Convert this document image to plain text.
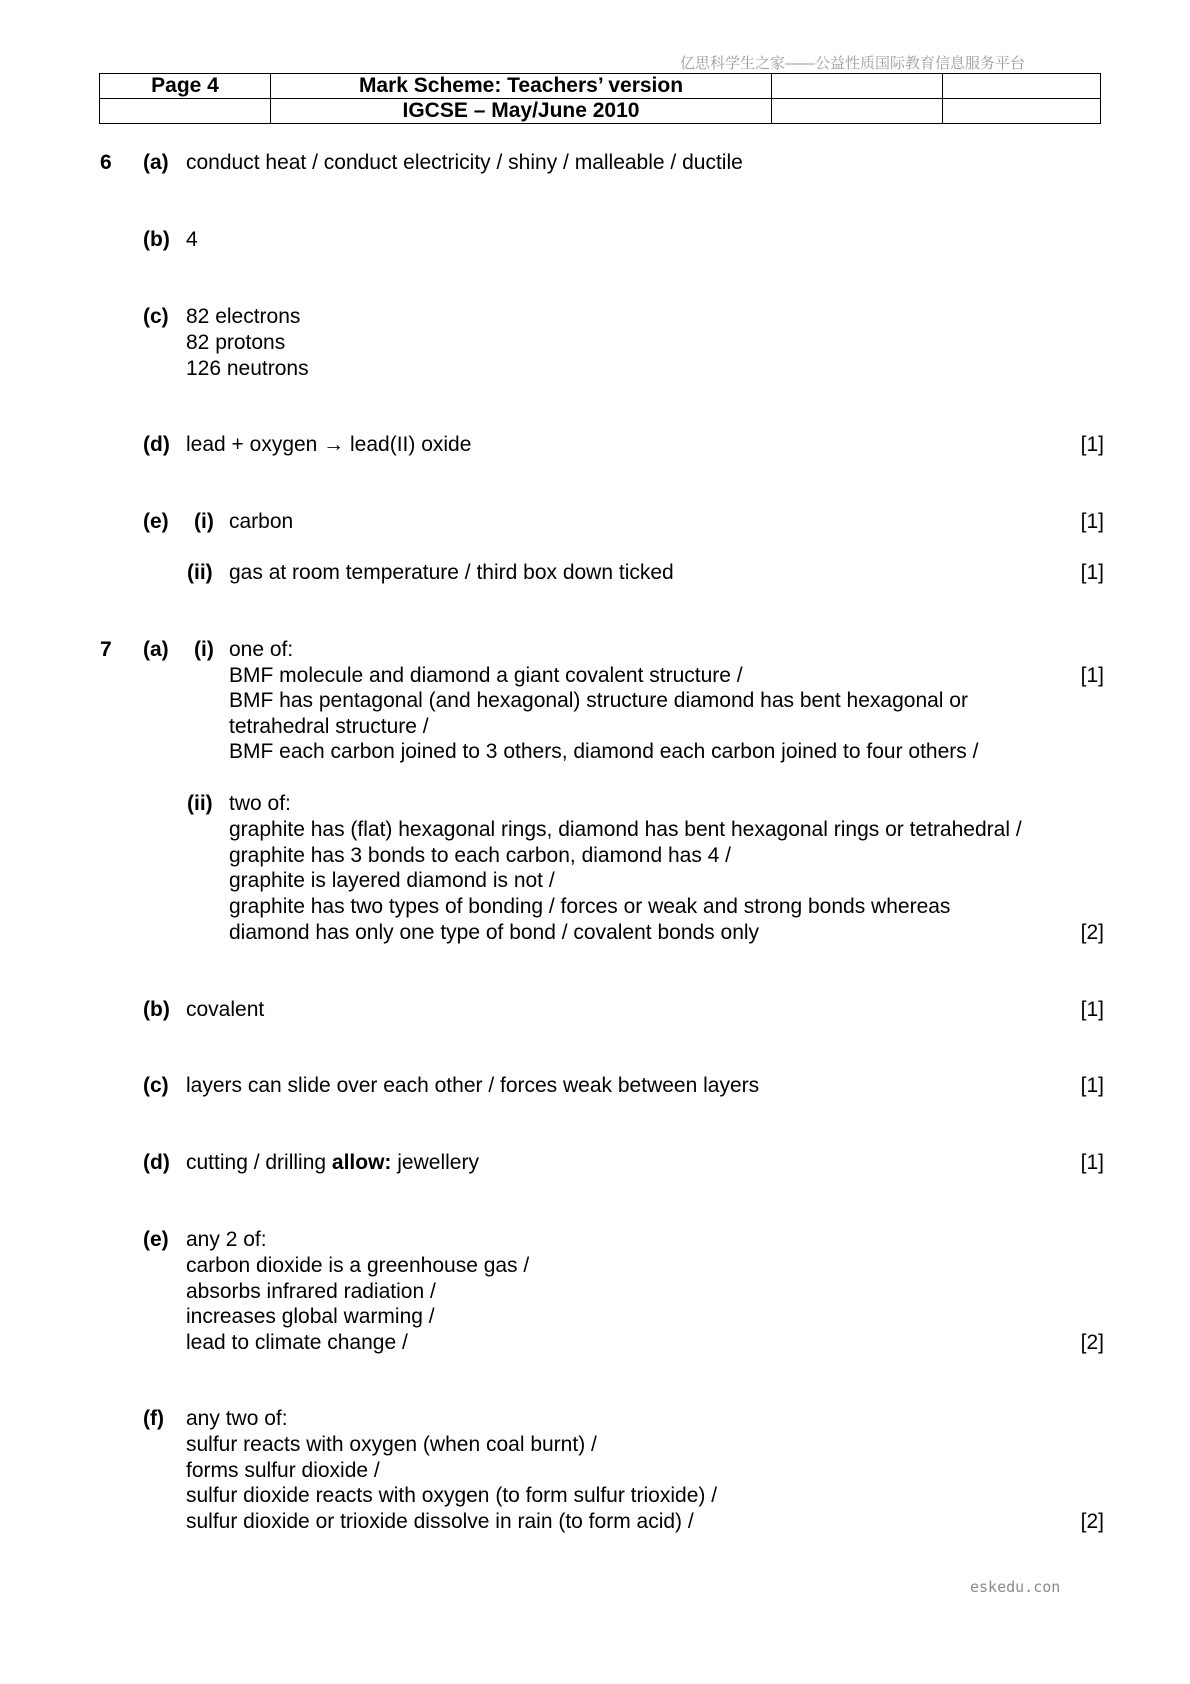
亿思科学生之家——公益性质国际教育信息服务平台
Page 4	Mark Scheme: Teachers’ version		
	IGCSE – May/June 2010		
6 (a) conduct heat / conduct electricity / shiny / malleable / ductile
(b) 4
(c) 82 electrons
82 protons
126 neutrons
(d) lead + oxygen → lead(II) oxide	[1]
(e) (i) carbon	[1]
(ii) gas at room temperature / third box down ticked	[1]
7 (a) (i) one of:
BMF molecule and diamond a giant covalent structure /	[1]
BMF has pentagonal (and hexagonal) structure diamond has bent hexagonal or
tetrahedral structure /
BMF each carbon joined to 3 others, diamond each carbon joined to four others /
(ii) two of:
graphite has (flat) hexagonal rings, diamond has bent hexagonal rings or tetrahedral /
graphite has 3 bonds to each carbon, diamond has 4 /
graphite is layered diamond is not /
graphite has two types of bonding / forces or weak and strong bonds whereas
diamond has only one type of bond / covalent bonds only	[2]
(b) covalent	[1]
(c) layers can slide over each other / forces weak between layers	[1]
(d) cutting / drilling allow: jewellery	[1]
(e) any 2 of:
carbon dioxide is a greenhouse gas /
absorbs infrared radiation /
increases global warming /
lead to climate change /	[2]
(f) any two of:
sulfur reacts with oxygen (when coal burnt) /
forms sulfur dioxide /
sulfur dioxide reacts with oxygen (to form sulfur trioxide) /
sulfur dioxide or trioxide dissolve in rain (to form acid) /	[2]
eskedu.con
